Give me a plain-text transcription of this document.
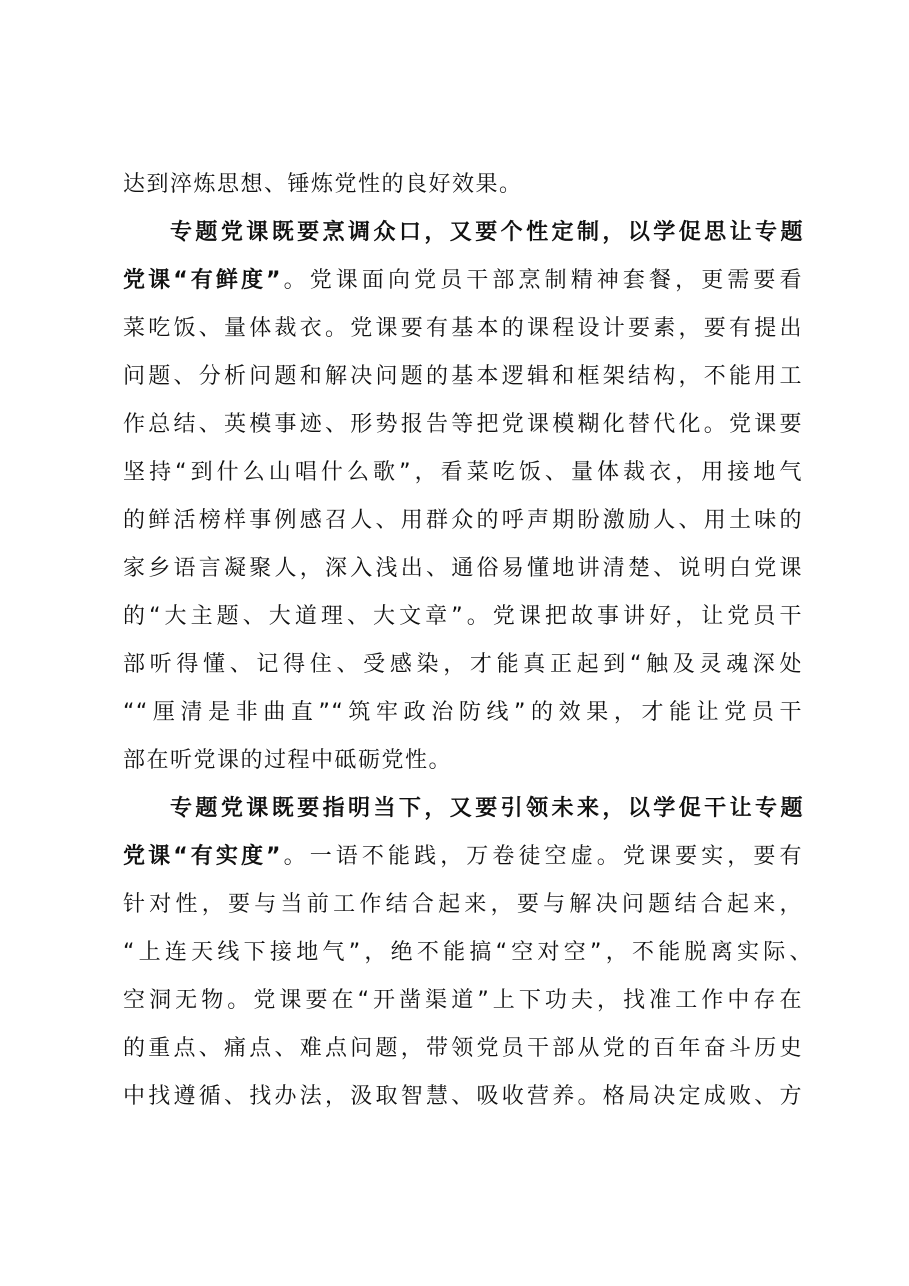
达到淬炼思想、锤炼党性的良好效果。
专题党课既要烹调众口，又要个性定制，以学促思让专题
党课“有鲜度”。党课面向党员干部烹制精神套餐，更需要看
菜吃饭、量体裁衣。党课要有基本的课程设计要素，要有提出
问题、分析问题和解决问题的基本逻辑和框架结构，不能用工
作总结、英模事迹、形势报告等把党课模糊化替代化。党课要
坚持“到什么山唱什么歌”，看菜吃饭、量体裁衣，用接地气
的鲜活榜样事例感召人、用群众的呼声期盼激励人、用土味的
家乡语言凝聚人，深入浅出、通俗易懂地讲清楚、说明白党课
的“大主题、大道理、大文章”。党课把故事讲好，让党员干
部听得懂、记得住、受感染，才能真正起到“触及灵魂深处
““厘清是非曲直”“筑牢政治防线”的效果，才能让党员干
部在听党课的过程中砥砺党性。
专题党课既要指明当下，又要引领未来，以学促干让专题
党课“有实度”。一语不能践，万卷徒空虚。党课要实，要有
针对性，要与当前工作结合起来，要与解决问题结合起来，
“上连天线下接地气”，绝不能搞“空对空”，不能脱离实际、
空洞无物。党课要在“开凿渠道”上下功夫，找准工作中存在
的重点、痛点、难点问题，带领党员干部从党的百年奋斗历史
中找遵循、找办法，汲取智慧、吸收营养。格局决定成败、方
